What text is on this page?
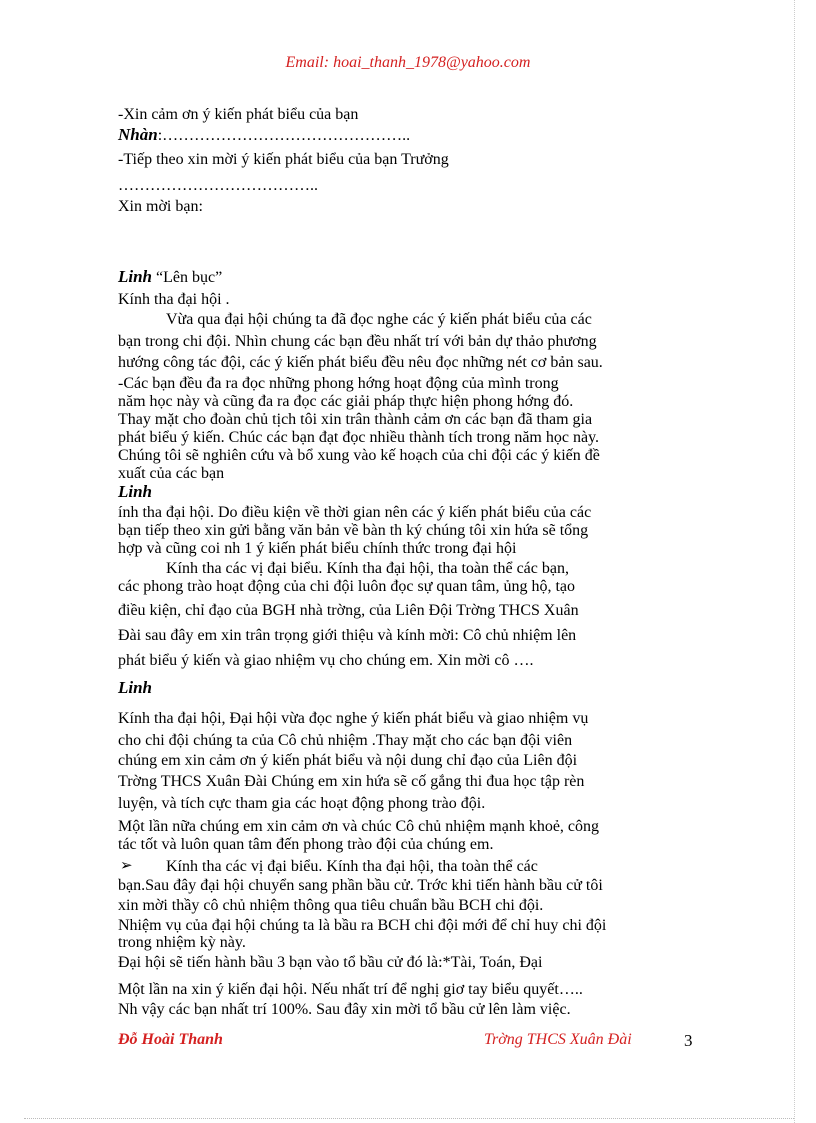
Email: hoai_thanh_1978@yahoo.com
-Xin cảm ơn ý kiến phát biểu của bạn
Nhàn:………………………………………..
-Tiếp theo xin mời ý kiến phát biểu của bạn Trưởng
………………………………..
Xin mời bạn:
Linh “Lên bục”
Kính tha đại hội .
Vừa qua đại hội chúng ta đã đọc nghe các ý kiến phát biểu của các
bạn trong chi đội. Nhìn chung các bạn đều nhất trí với bản dự thảo phương
hướng công tác đội, các ý kiến phát biểu đều nêu đọc những nét cơ bản sau.
-Các bạn đều đa ra đọc những phong hớng hoạt động của mình trong
năm học này và cũng đa ra đọc các giải pháp thực hiện phong hớng đó.
Thay mặt cho đoàn chủ tịch tôi xin trân thành cảm ơn các bạn đã tham gia
phát biểu ý kiến. Chúc các bạn đạt đọc nhiều thành tích trong năm học này.
Chúng tôi sẽ nghiên cứu và bổ xung vào kế hoạch của chi đội các ý kiến đề
xuất của các bạn
Linh
ính tha đại hội. Do điều kiện về thời gian nên các ý kiến phát biểu của các
bạn tiếp theo xin gửi bằng văn bản về bàn th ký chúng tôi xin hứa sẽ tổng
hợp và cũng coi nh 1 ý kiến phát biểu chính thức trong đại hội
Kính tha các vị đại biểu. Kính tha đại hội, tha toàn thể các bạn,
các phong trào hoạt động của chi đội luôn đọc sự quan tâm, ủng hộ, tạo
điều kiện, chỉ đạo của BGH nhà trờng, của Liên Đội Trờng THCS Xuân
Đài sau đây em xin trân trọng giới thiệu và kính mời: Cô chủ nhiệm lên
phát biểu ý kiến và giao nhiệm vụ cho chúng em. Xin mời cô ….
Linh
Kính tha đại hội, Đại hội vừa đọc nghe ý kiến phát biểu và giao nhiệm vụ
cho chi đội chúng ta của Cô chủ nhiệm .Thay mặt cho các bạn đội viên
chúng em xin cảm ơn ý kiến phát biểu và nội dung chỉ đạo của Liên đội
Trờng THCS Xuân Đài Chúng em xin hứa sẽ cố gắng thi đua học tập rèn
luyện, và tích cực tham gia các hoạt động phong trào đội.
Một lần nữa chúng em xin cảm ơn và chúc Cô chủ nhiệm mạnh khoẻ, công
tác tốt và luôn quan tâm đến phong trào đội của chúng em.
➢ Kính tha các vị đại biểu. Kính tha đại hội, tha toàn thể các
bạn.Sau đây đại hội chuyển sang phần bầu cử. Trớc khi tiến hành bầu cử tôi
xin mời thầy cô chủ nhiệm thông qua tiêu chuẩn bầu BCH chi đội.
Nhiệm vụ của đại hội chúng ta là bầu ra BCH chi đội mới để chỉ huy chi đội
trong nhiệm kỳ này.
Đại hội sẽ tiến hành bầu 3 bạn vào tổ bầu cử đó là:*Tài, Toán, Đại
Một lần na xin ý kiến đại hội. Nếu nhất trí để nghị giơ tay biểu quyết…..
Nh vậy các bạn nhất trí 100%. Sau đây xin mời tổ bầu cử lên làm việc.
Đỗ Hoài Thanh	Trờng THCS Xuân Đài	3
